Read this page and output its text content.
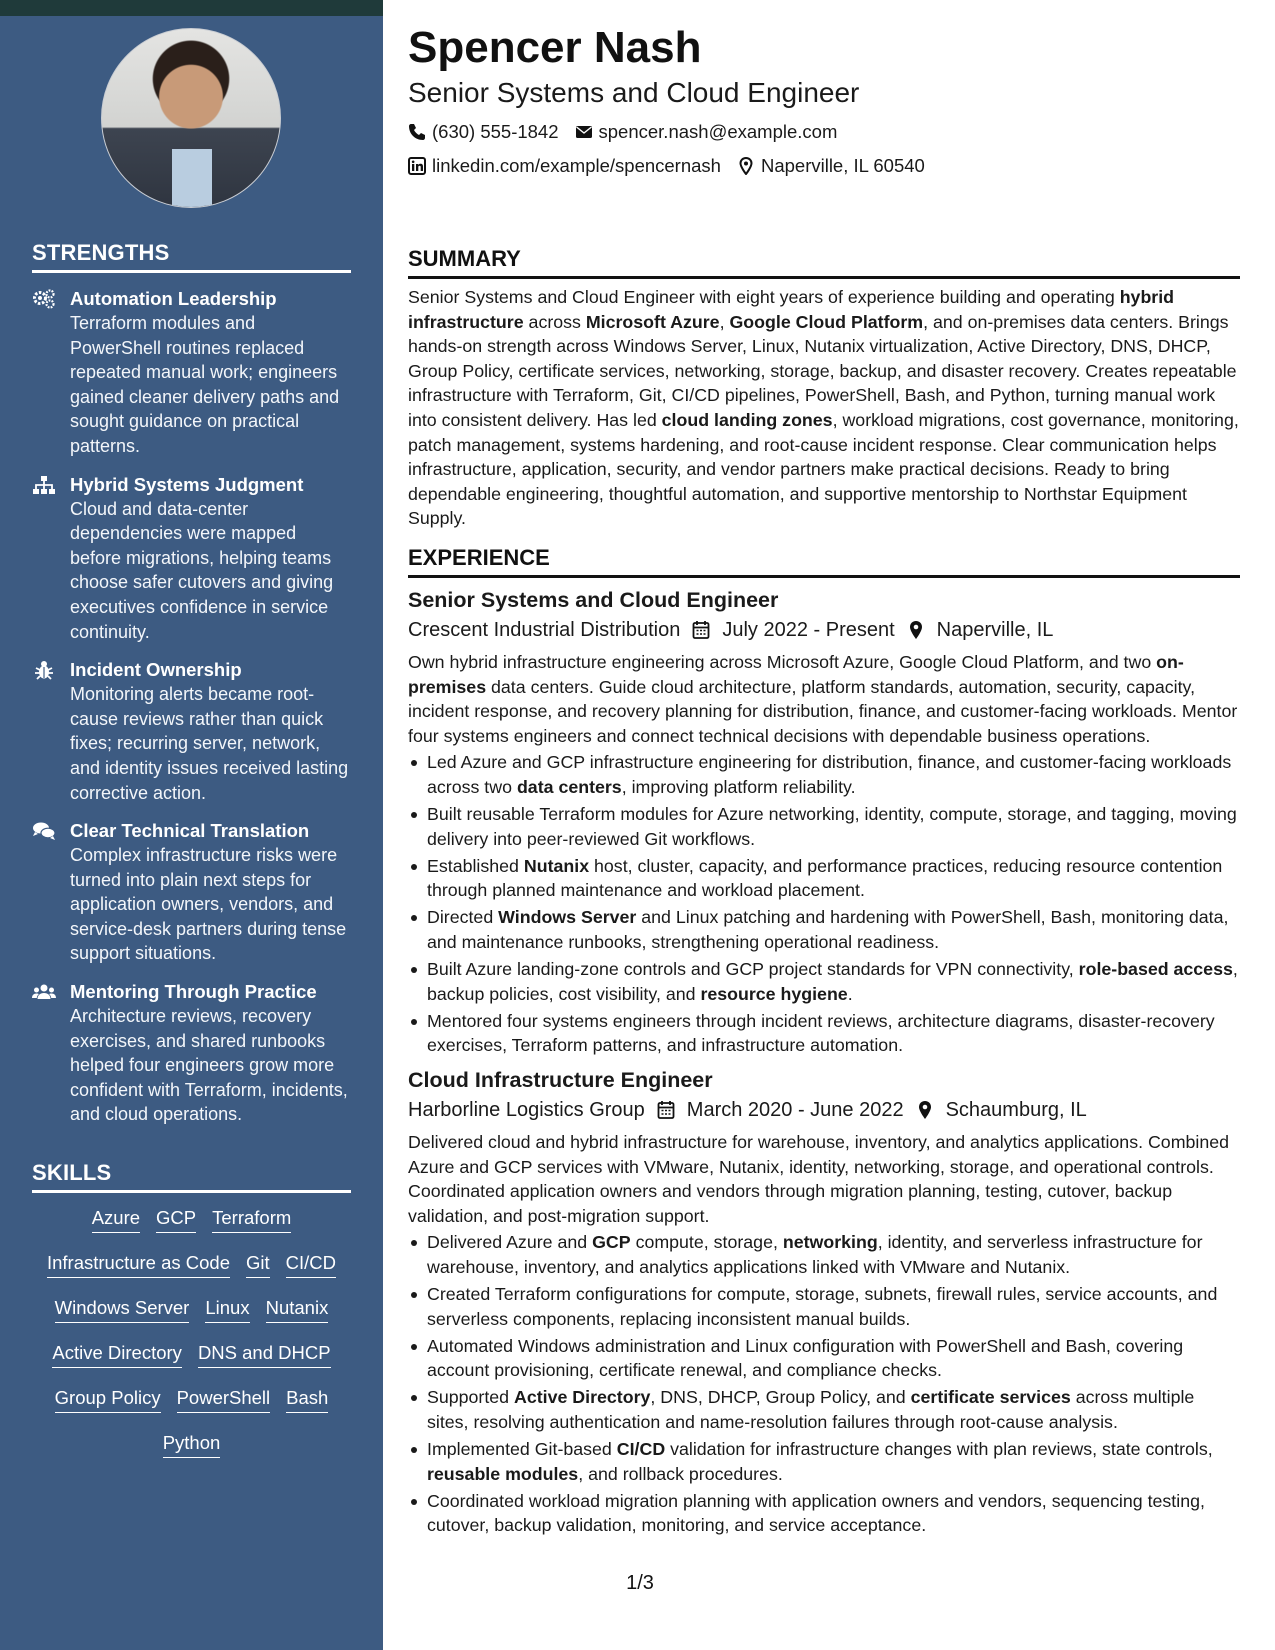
STRENGTHS
Automation Leadership
Terraform modules and PowerShell routines replaced repeated manual work; engineers gained cleaner delivery paths and sought guidance on practical patterns.
Hybrid Systems Judgment
Cloud and data-center dependencies were mapped before migrations, helping teams choose safer cutovers and giving executives confidence in service continuity.
Incident Ownership
Monitoring alerts became root-cause reviews rather than quick fixes; recurring server, network, and identity issues received lasting corrective action.
Clear Technical Translation
Complex infrastructure risks were turned into plain next steps for application owners, vendors, and service-desk partners during tense support situations.
Mentoring Through Practice
Architecture reviews, recovery exercises, and shared runbooks helped four engineers grow more confident with Terraform, incidents, and cloud operations.
SKILLS
Azure GCP Terraform
Infrastructure as Code Git CI/CD
Windows Server Linux Nutanix
Active Directory DNS and DHCP
Group Policy PowerShell Bash
Python
Spencer Nash
Senior Systems and Cloud Engineer
(630) 555-1842 spencer.nash@example.com
linkedin.com/example/spencernash Naperville, IL 60540
SUMMARY
Senior Systems and Cloud Engineer with eight years of experience building and operating hybrid infrastructure across Microsoft Azure, Google Cloud Platform, and on-premises data centers. Brings hands-on strength across Windows Server, Linux, Nutanix virtualization, Active Directory, DNS, DHCP, Group Policy, certificate services, networking, storage, backup, and disaster recovery. Creates repeatable infrastructure with Terraform, Git, CI/CD pipelines, PowerShell, Bash, and Python, turning manual work into consistent delivery. Has led cloud landing zones, workload migrations, cost governance, monitoring, patch management, systems hardening, and root-cause incident response. Clear communication helps infrastructure, application, security, and vendor partners make practical decisions. Ready to bring dependable engineering, thoughtful automation, and supportive mentorship to Northstar Equipment Supply.
EXPERIENCE
Senior Systems and Cloud Engineer
Crescent Industrial Distribution July 2022 - Present Naperville, IL
Own hybrid infrastructure engineering across Microsoft Azure, Google Cloud Platform, and two on-premises data centers. Guide cloud architecture, platform standards, automation, security, capacity, incident response, and recovery planning for distribution, finance, and customer-facing workloads. Mentor four systems engineers and connect technical decisions with dependable business operations.
Led Azure and GCP infrastructure engineering for distribution, finance, and customer-facing workloads across two data centers, improving platform reliability.
Built reusable Terraform modules for Azure networking, identity, compute, storage, and tagging, moving delivery into peer-reviewed Git workflows.
Established Nutanix host, cluster, capacity, and performance practices, reducing resource contention through planned maintenance and workload placement.
Directed Windows Server and Linux patching and hardening with PowerShell, Bash, monitoring data, and maintenance runbooks, strengthening operational readiness.
Built Azure landing-zone controls and GCP project standards for VPN connectivity, role-based access, backup policies, cost visibility, and resource hygiene.
Mentored four systems engineers through incident reviews, architecture diagrams, disaster-recovery exercises, Terraform patterns, and infrastructure automation.
Cloud Infrastructure Engineer
Harborline Logistics Group March 2020 - June 2022 Schaumburg, IL
Delivered cloud and hybrid infrastructure for warehouse, inventory, and analytics applications. Combined Azure and GCP services with VMware, Nutanix, identity, networking, storage, and operational controls. Coordinated application owners and vendors through migration planning, testing, cutover, backup validation, and post-migration support.
Delivered Azure and GCP compute, storage, networking, identity, and serverless infrastructure for warehouse, inventory, and analytics applications linked with VMware and Nutanix.
Created Terraform configurations for compute, storage, subnets, firewall rules, service accounts, and serverless components, replacing inconsistent manual builds.
Automated Windows administration and Linux configuration with PowerShell and Bash, covering account provisioning, certificate renewal, and compliance checks.
Supported Active Directory, DNS, DHCP, Group Policy, and certificate services across multiple sites, resolving authentication and name-resolution failures through root-cause analysis.
Implemented Git-based CI/CD validation for infrastructure changes with plan reviews, state controls, reusable modules, and rollback procedures.
Coordinated workload migration planning with application owners and vendors, sequencing testing, cutover, backup validation, monitoring, and service acceptance.
1/3
